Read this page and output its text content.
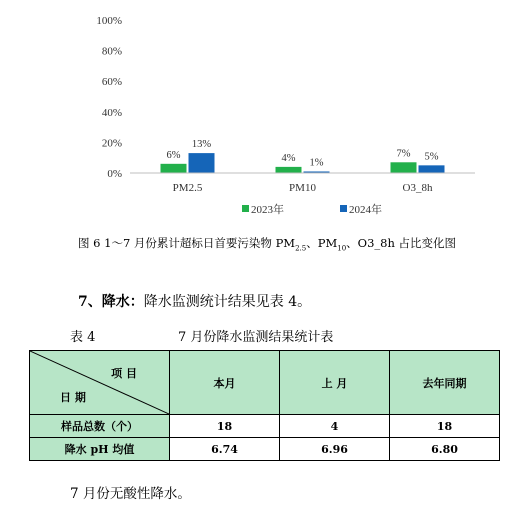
0%
20%
40%
60%
80%
100%
6%
13%
4% 1%
7% 5%
PM2.5	PM10	O3_8h
2023年	2024年
图 6 1～7 月份累计超标日首要污染物 $PM_{2.5}$、$PM_{10}$、O3_8h 占比变化图
7、降水：降水监测统计结果见表 4。
表 4	7 月份降水监测结果统计表
项 目
日 期	本月	上 月	去年同期
样品总数（个）	18	4	18
降水 pH 均值	6.74	6.96	6.80
7 月份无酸性降水。
